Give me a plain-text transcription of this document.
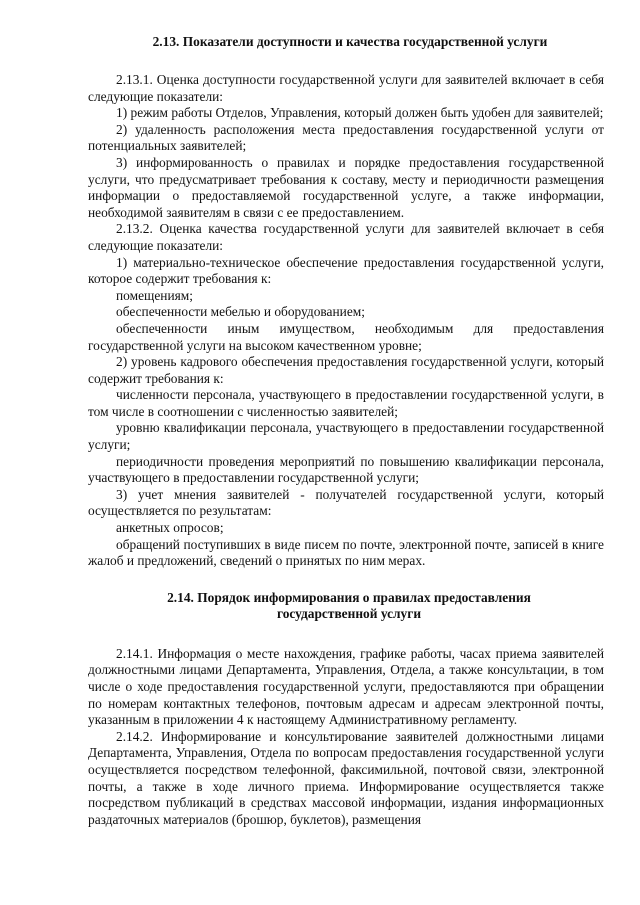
2.13. Показатели доступности и качества государственной услуги

2.13.1. Оценка доступности государственной услуги для заявителей включает в себя следующие показатели:

1) режим работы Отделов, Управления, который должен быть удобен для заявителей;

2) удаленность расположения места предоставления государственной услуги от потенциальных заявителей;

3) информированность о правилах и порядке предоставления государственной услуги, что предусматривает требования к составу, месту и периодичности размещения информации о предоставляемой государственной услуге, а также информации, необходимой заявителям в связи с ее предоставлением.

2.13.2. Оценка качества государственной услуги для заявителей включает в себя следующие показатели:

1) материально-техническое обеспечение предоставления государственной услуги, которое содержит требования к:

помещениям;

обеспеченности мебелью и оборудованием;

обеспеченности иным имуществом, необходимым для предоставления государственной услуги на высоком качественном уровне;

2) уровень кадрового обеспечения предоставления государственной услуги, который содержит требования к:

численности персонала, участвующего в предоставлении государственной услуги, в том числе в соотношении с численностью заявителей;

уровню квалификации персонала, участвующего в предоставлении государственной услуги;

периодичности проведения мероприятий по повышению квалификации персонала, участвующего в предоставлении государственной услуги;

3) учет мнения заявителей - получателей государственной услуги, который осуществляется по результатам:

анкетных опросов;

обращений поступивших в виде писем по почте, электронной почте, записей в книге жалоб и предложений, сведений о принятых по ним мерах.

2.14. Порядок информирования о правилах предоставления
государственной услуги

2.14.1. Информация о месте нахождения, графике работы, часах приема заявителей должностными лицами Департамента, Управления, Отдела, а также консультации, в том числе о ходе предоставления государственной услуги, предоставляются при обращении по номерам контактных телефонов, почтовым адресам и адресам электронной почты, указанным в приложении 4 к настоящему Административному регламенту.

2.14.2. Информирование и консультирование заявителей должностными лицами Департамента, Управления, Отдела по вопросам предоставления государственной услуги осуществляется посредством телефонной, факсимильной, почтовой связи, электронной почты, а также в ходе личного приема. Информирование осуществляется также посредством публикаций в средствах массовой информации, издания информационных раздаточных материалов (брошюр, буклетов), размещения
